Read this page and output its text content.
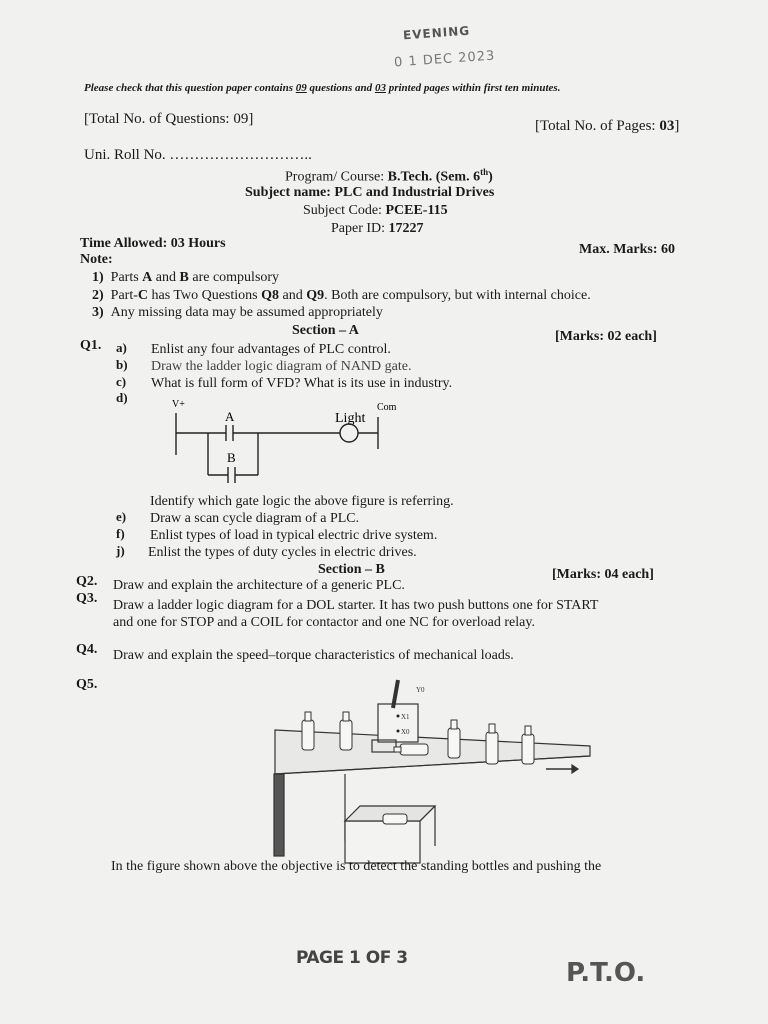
EVENING
0 1 DEC 2023
Please check that this question paper contains 09 questions and 03 printed pages within first ten minutes.
[Total No. of Questions: 09]	[Total No. of Pages: 03]
Uni. Roll No. ………………………..
Program/ Course: B.Tech. (Sem. 6th)
Subject name: PLC and Industrial Drives
Subject Code: PCEE-115
Paper ID: 17227
Time Allowed: 03 Hours	Max. Marks: 60
Note:
1) Parts A and B are compulsory
2) Part-C has Two Questions Q8 and Q9. Both are compulsory, but with internal choice.
3) Any missing data may be assumed appropriately
Section – A	[Marks: 02 each]
Q1. a) Enlist any four advantages of PLC control.
b) Draw the ladder logic diagram of NAND gate.
c) What is full form of VFD? What is its use in industry.
d)	V+	Com
A
B
Light
Identify which gate logic the above figure is referring.
e) Draw a scan cycle diagram of a PLC.
f) Enlist types of load in typical electric drive system.
j) Enlist the types of duty cycles in electric drives.
Section – B	[Marks: 04 each]
Q2. Draw and explain the architecture of a generic PLC.
Q3. Draw a ladder logic diagram for a DOL starter. It has two push buttons one for START
and one for STOP and a COIL for contactor and one NC for overload relay.
Q4. Draw and explain the speed–torque characteristics of mechanical loads.
Q5.	Y0
X1
X0
In the figure shown above the objective is to detect the standing bottles and pushing the
PAGE 1 OF 3	P.T.O.
